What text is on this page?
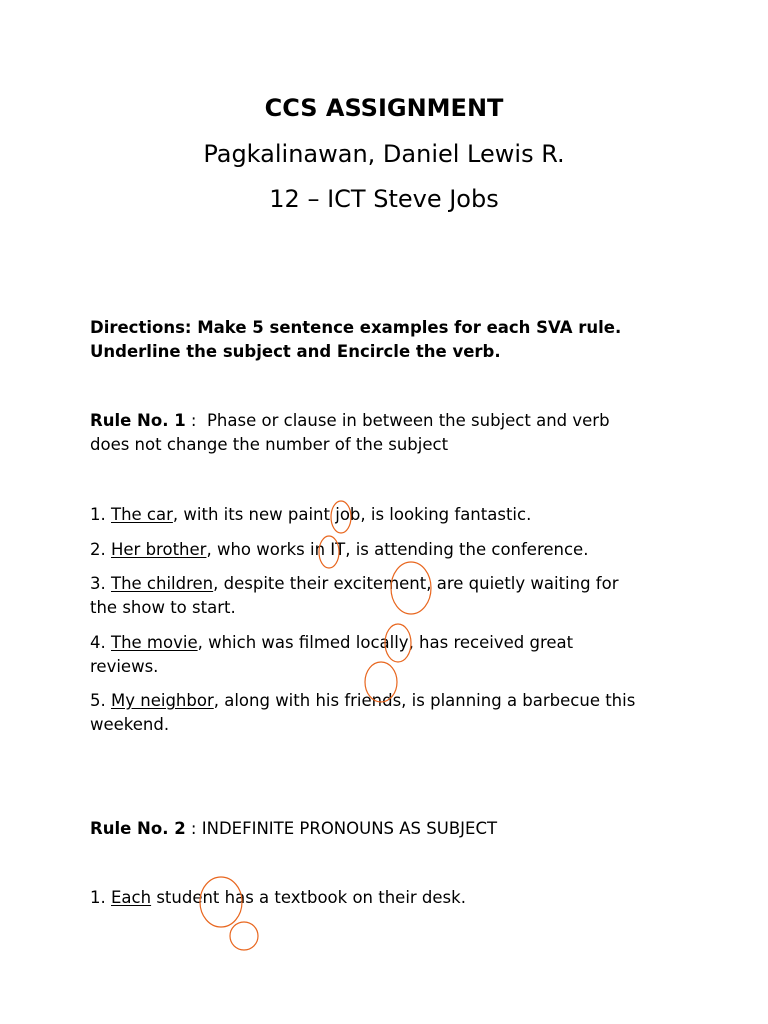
CCS ASSIGNMENT
Pagkalinawan, Daniel Lewis R.
12 – ICT Steve Jobs
Directions: Make 5 sentence examples for each SVA rule.
Underline the subject and Encircle the verb.
Rule No. 1 :  Phase or clause in between the subject and verb
does not change the number of the subject
1. The car, with its new paint job, is looking fantastic.
2. Her brother, who works in IT, is attending the conference.
3. The children, despite their excitement, are quietly waiting for
the show to start.
4. The movie, which was filmed locally, has received great
reviews.
5. My neighbor, along with his friends, is planning a barbecue this
weekend.
Rule No. 2 : INDEFINITE PRONOUNS AS SUBJECT
1. Each student has a textbook on their desk.
